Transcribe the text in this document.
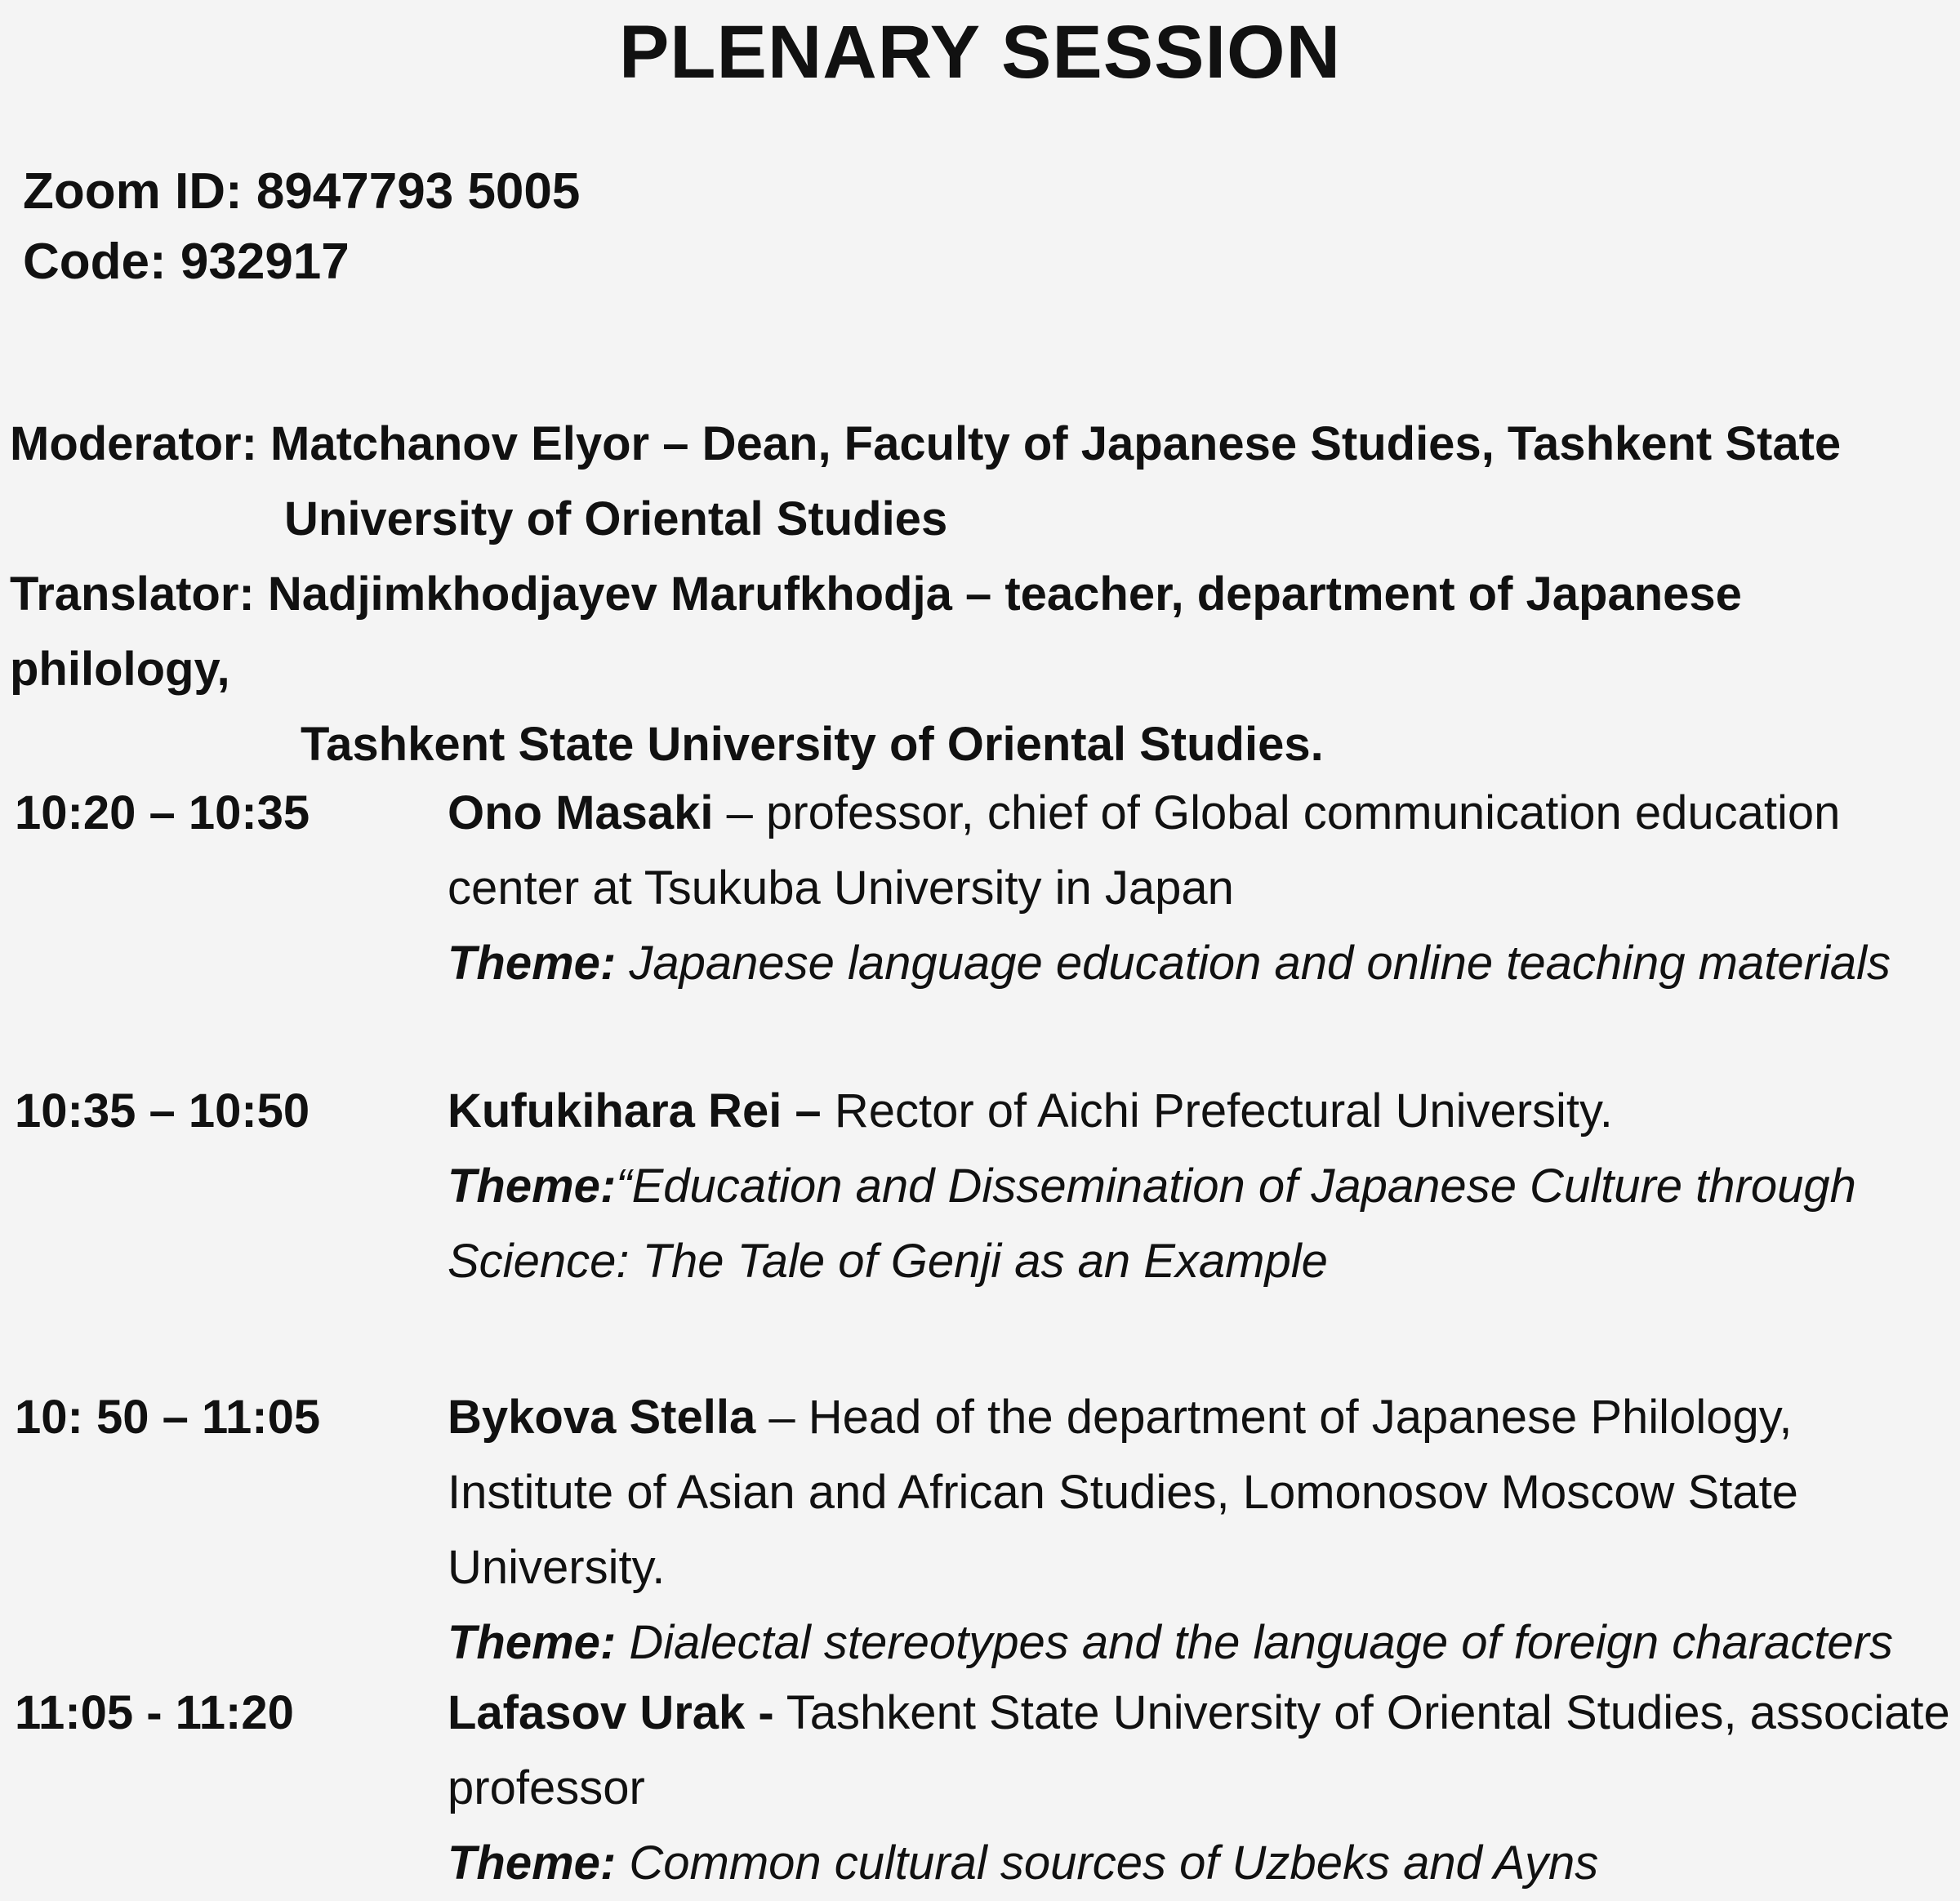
PLENARY SESSION
Zoom ID: 8947793 5005
Code: 932917
Moderator: Matchanov Elyor – Dean, Faculty of Japanese Studies, Tashkent State
University of Oriental Studies
Translator: Nadjimkhodjayev Marufkhodja – teacher, department of Japanese philology,
Tashkent State University of Oriental Studies.
10:20 – 10:35	Ono Masaki – professor, chief of Global communication education center at Tsukuba University in Japan
Theme: Japanese language education and online teaching materials
10:35 – 10:50	Kufukihara Rei – Rector of Aichi Prefectural University.
Theme:“Education and Dissemination of Japanese Culture through Science: The Tale of Genji as an Example
10: 50 – 11:05	Bykova Stella – Head of the department of Japanese Philology, Institute of Asian and African Studies, Lomonosov Moscow State University.
Theme: Dialectal stereotypes and the language of foreign characters
11:05 - 11:20	Lafasov Urak - Tashkent State University of Oriental Studies, associate professor
Theme: Common cultural sources of Uzbeks and Ayns
